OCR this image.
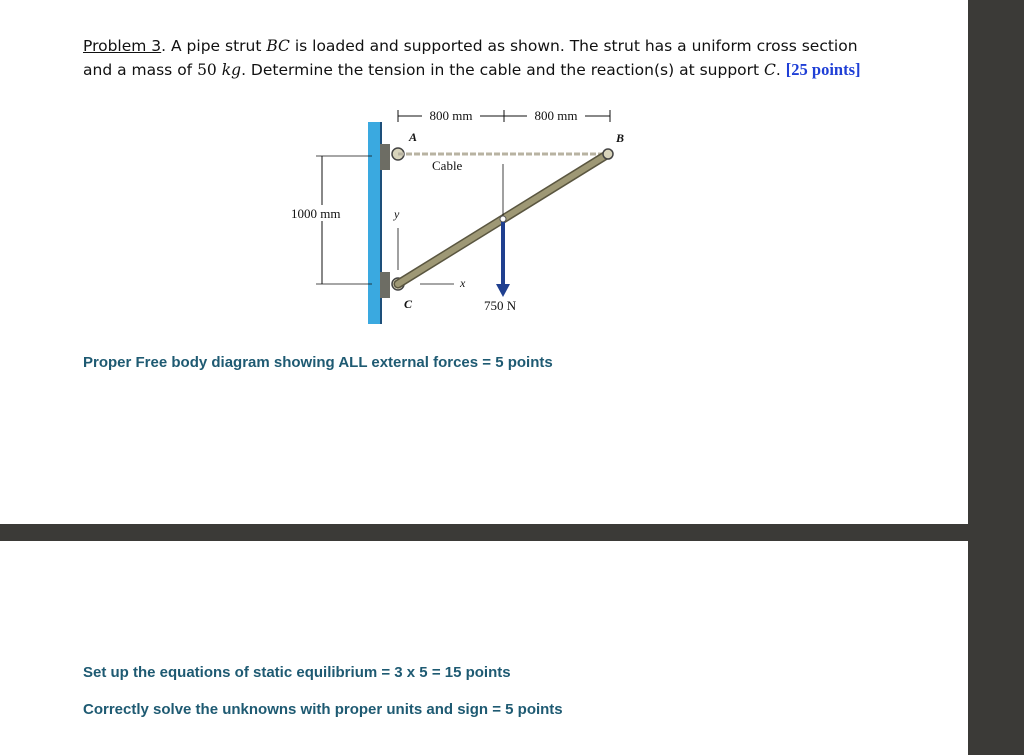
Problem 3. A pipe strut BC is loaded and supported as shown. The strut has a uniform cross section
and a mass of 50 kg. Determine the tension in the cable and the reaction(s) at support C. [25 points]
800 mm	800 mm
1000 mm	y
x
A	B
C
Cable
750 N
Proper Free body diagram showing ALL external forces = 5 points
Set up the equations of static equilibrium = 3 x 5 = 15 points
Correctly solve the unknowns with proper units and sign = 5 points
